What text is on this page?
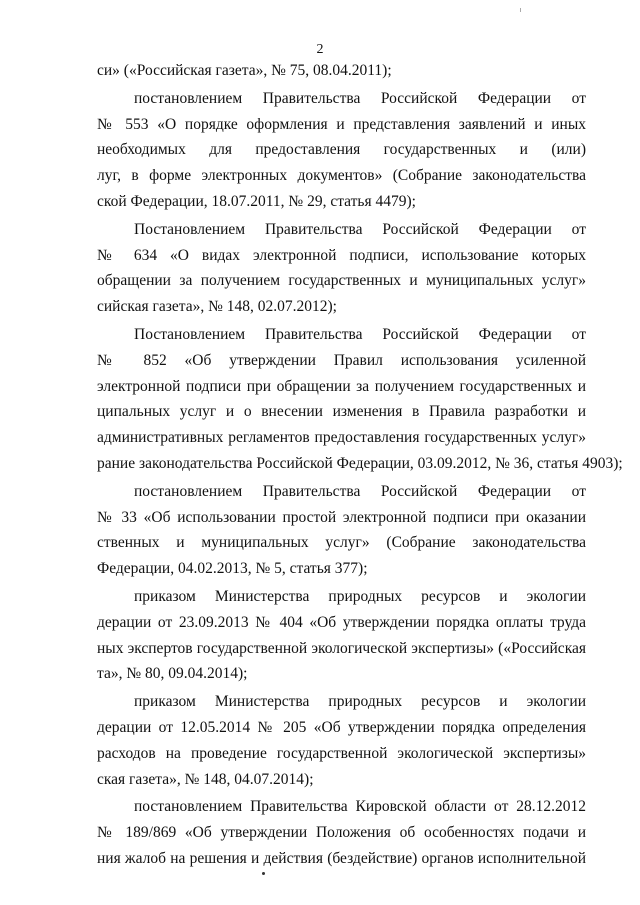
2
си» («Российская газета», № 75, 08.04.2011);
постановлением Правительства Российской Федерации от
№ 553 «О порядке оформления и представления заявлений и иных
необходимых для предоставления государственных и (или)
луг, в форме электронных документов» (Собрание законодательства
ской Федерации, 18.07.2011, № 29, статья 4479);
Постановлением Правительства Российской Федерации от
№ 634 «О видах электронной подписи, использование которых
обращении за получением государственных и муниципальных услуг»
сийская газета», № 148, 02.07.2012);
Постановлением Правительства Российской Федерации от
№ 852 «Об утверждении Правил использования усиленной
электронной подписи при обращении за получением государственных и
ципальных услуг и о внесении изменения в Правила разработки и
административных регламентов предоставления государственных услуг»
рание законодательства Российской Федерации, 03.09.2012, № 36, статья 4903);
постановлением Правительства Российской Федерации от
№ 33 «Об использовании простой электронной подписи при оказании
ственных и муниципальных услуг» (Собрание законодательства
Федерации, 04.02.2013, № 5, статья 377);
приказом Министерства природных ресурсов и экологии
дерации от 23.09.2013 № 404 «Об утверждении порядка оплаты труда
ных экспертов государственной экологической экспертизы» («Российская
та», № 80, 09.04.2014);
приказом Министерства природных ресурсов и экологии
дерации от 12.05.2014 № 205 «Об утверждении порядка определения
расходов на проведение государственной экологической экспертизы»
ская газета», № 148, 04.07.2014);
постановлением Правительства Кировской области от 28.12.2012
№ 189/869 «Об утверждении Положения об особенностях подачи и
ния жалоб на решения и действия (бездействие) органов исполнительной
